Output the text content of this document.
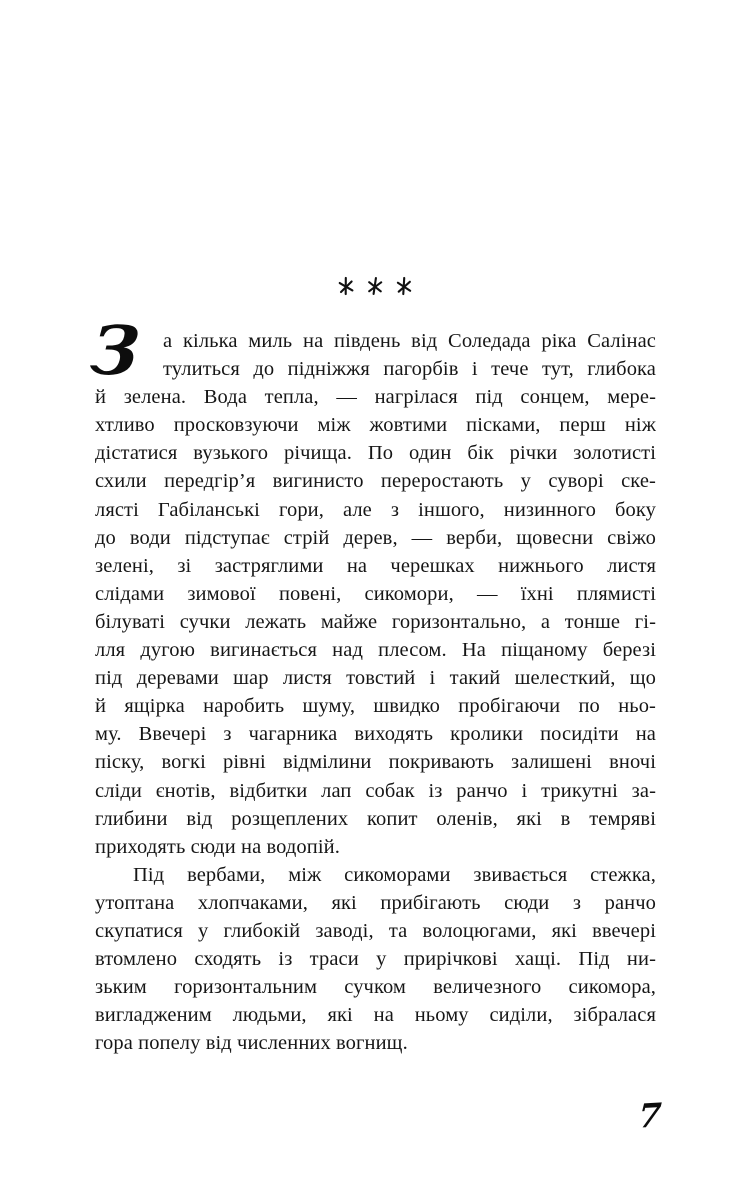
З	а кілька миль на південь від Соледада ріка Салінас
тулиться до підніжжя пагорбів і тече тут, глибока
й зелена. Вода тепла, — нагрілася під сонцем, мере-
хтливо просковзуючи між жовтими пісками, перш ніж
дістатися вузького річища. По один бік річки золотисті
схили передгір’я вигинисто переростають у суворі ске-
лясті Габіланські гори, але з іншого, низинного боку
до води підступає стрій дерев, — верби, щовесни свіжо
зелені, зі застряглими на черешках нижнього листя
слідами зимової повені, сикомори, — їхні плямисті
білуваті сучки лежать майже горизонтально, а тонше гі-
лля дугою вигинається над плесом. На піщаному березі
під деревами шар листя товстий і такий шелесткий, що
й ящірка наробить шуму, швидко пробігаючи по ньо-
му. Ввечері з чагарника виходять кролики посидіти на
піску, вогкі рівні відмілини покривають залишені вночі
сліди єнотів, відбитки лап собак із ранчо і трикутні за-
глибини від розщеплених копит оленів, які в темряві
приходять сюди на водопій.
Під вербами, між сикоморами звивається стежка,
утоптана хлопчаками, які прибігають сюди з ранчо
скупатися у глибокій заводі, та волоцюгами, які ввечері
втомлено сходять із траси у прирічкові хащі. Під ни-
зьким горизонтальним сучком величезного сикомора,
вигладженим людьми, які на ньому сиділи, зібралася
гора попелу від численних вогнищ.
7
